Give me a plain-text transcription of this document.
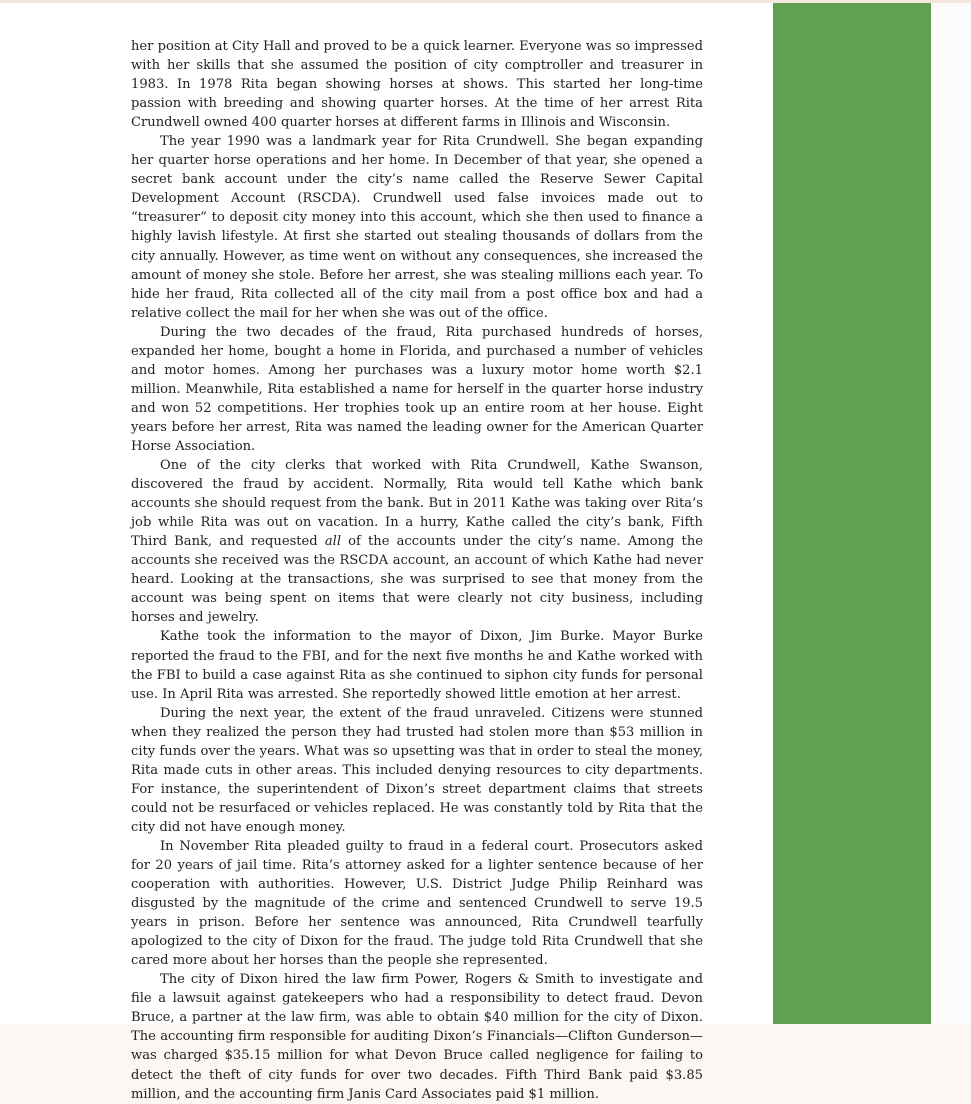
her position at City Hall and proved to be a quick learner. Everyone was so impressed with her skills that she assumed the position of city comptroller and treasurer in 1983. In 1978 Rita began showing horses at shows. This started her long-time passion with breeding and showing quarter horses. At the time of her arrest Rita Crundwell owned 400 quarter horses at different farms in Illinois and Wisconsin.

The year 1990 was a landmark year for Rita Crundwell. She began expanding her quarter horse operations and her home. In December of that year, she opened a secret bank account under the city’s name called the Reserve Sewer Capital Development Account (RSCDA). Crundwell used false invoices made out to “treasurer” to deposit city money into this account, which she then used to finance a highly lavish lifestyle. At first she started out stealing thousands of dollars from the city annually. However, as time went on without any consequences, she increased the amount of money she stole. Before her arrest, she was stealing millions each year. To hide her fraud, Rita collected all of the city mail from a post office box and had a relative collect the mail for her when she was out of the office.

During the two decades of the fraud, Rita purchased hundreds of horses, expanded her home, bought a home in Florida, and purchased a number of vehicles and motor homes. Among her purchases was a luxury motor home worth $2.1 million. Meanwhile, Rita established a name for herself in the quarter horse industry and won 52 competitions. Her trophies took up an entire room at her house. Eight years before her arrest, Rita was named the leading owner for the American Quarter Horse Association.

One of the city clerks that worked with Rita Crundwell, Kathe Swanson, discovered the fraud by accident. Normally, Rita would tell Kathe which bank accounts she should request from the bank. But in 2011 Kathe was taking over Rita’s job while Rita was out on vacation. In a hurry, Kathe called the city’s bank, Fifth Third Bank, and requested all of the accounts under the city’s name. Among the accounts she received was the RSCDA account, an account of which Kathe had never heard. Looking at the transactions, she was surprised to see that money from the account was being spent on items that were clearly not city business, including horses and jewelry.

Kathe took the information to the mayor of Dixon, Jim Burke. Mayor Burke reported the fraud to the FBI, and for the next five months he and Kathe worked with the FBI to build a case against Rita as she continued to siphon city funds for personal use. In April Rita was arrested. She reportedly showed little emotion at her arrest.

During the next year, the extent of the fraud unraveled. Citizens were stunned when they realized the person they had trusted had stolen more than $53 million in city funds over the years. What was so upsetting was that in order to steal the money, Rita made cuts in other areas. This included denying resources to city departments. For instance, the superintendent of Dixon’s street department claims that streets could not be resurfaced or vehicles replaced. He was constantly told by Rita that the city did not have enough money.

In November Rita pleaded guilty to fraud in a federal court. Prosecutors asked for 20 years of jail time. Rita’s attorney asked for a lighter sentence because of her cooperation with authorities. However, U.S. District Judge Philip Reinhard was disgusted by the magnitude of the crime and sentenced Crundwell to serve 19.5 years in prison. Before her sentence was announced, Rita Crundwell tearfully apologized to the city of Dixon for the fraud. The judge told Rita Crundwell that she cared more about her horses than the people she represented.

The city of Dixon hired the law firm Power, Rogers & Smith to investigate and file a lawsuit against gatekeepers who had a responsibility to detect fraud. Devon Bruce, a partner at the law firm, was able to obtain $40 million for the city of Dixon. The accounting firm responsible for auditing Dixon’s Financials—Clifton Gunderson—was charged $35.15 million for what Devon Bruce called negligence for failing to detect the theft of city funds for over two decades. Fifth Third Bank paid $3.85 million, and the accounting firm Janis Card Associates paid $1 million.
